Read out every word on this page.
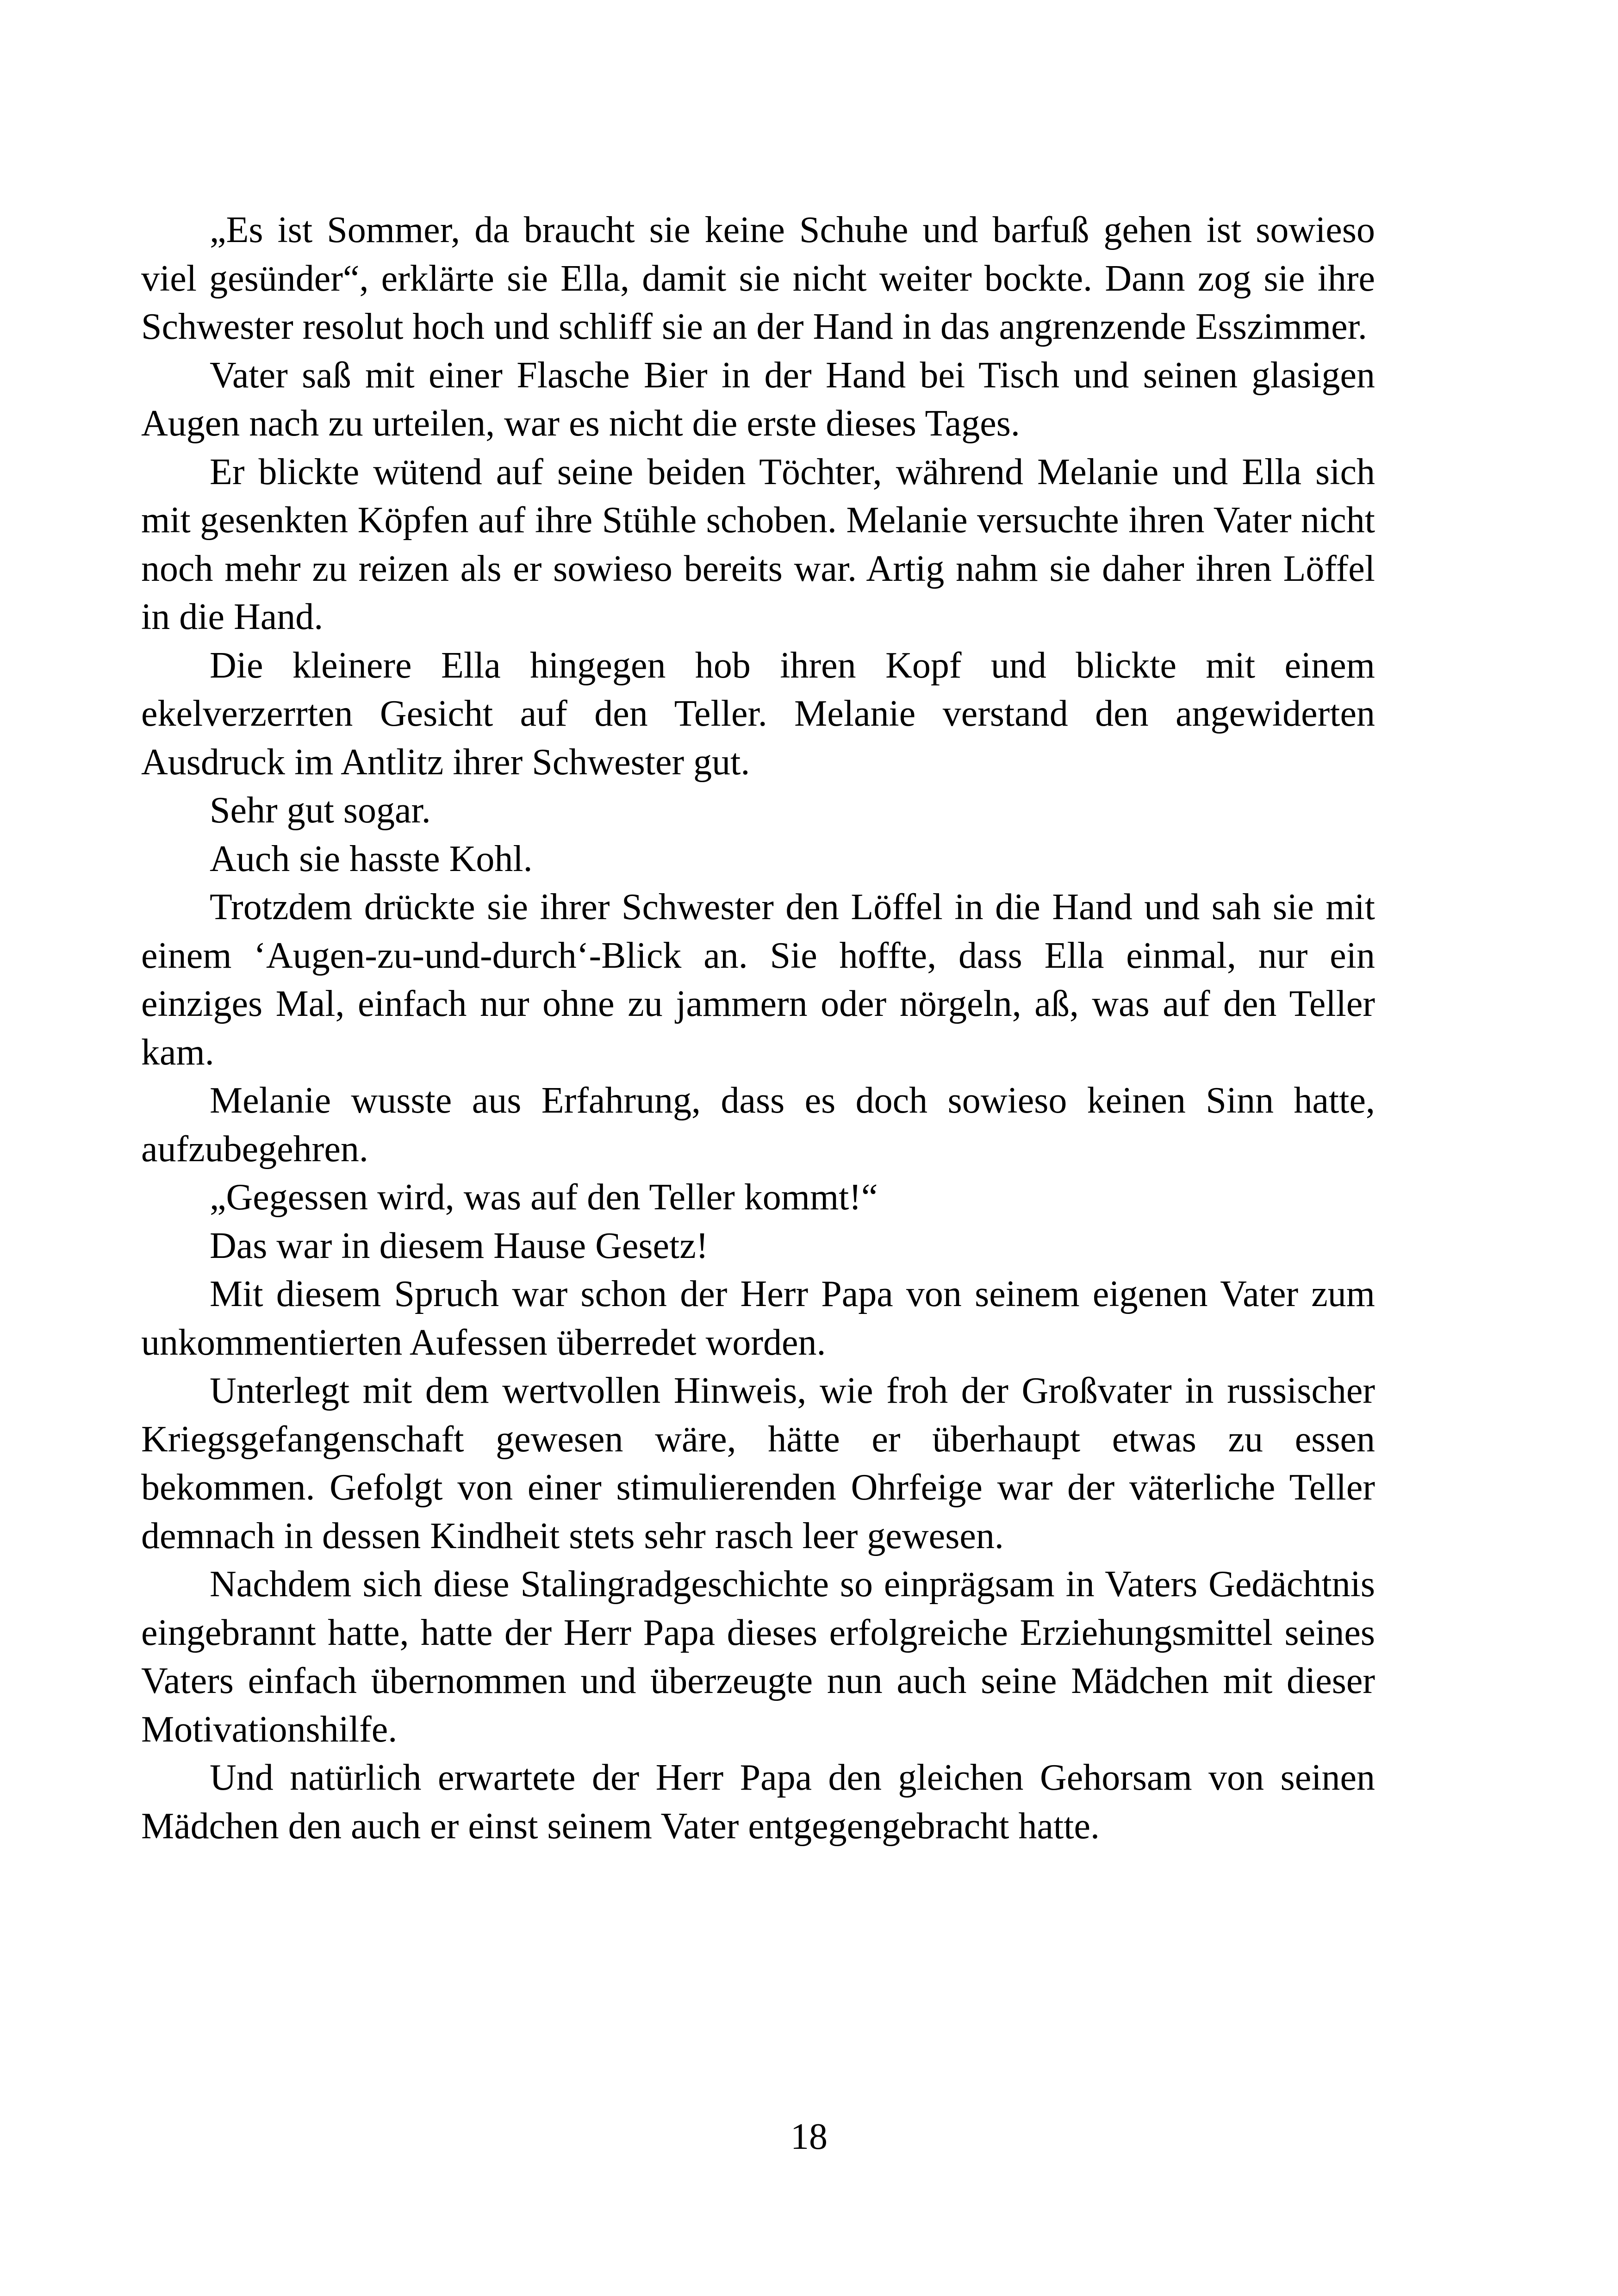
„Es ist Sommer, da braucht sie keine Schuhe und barfuß gehen ist sowieso viel gesünder“, erklärte sie Ella, damit sie nicht weiter bockte. Dann zog sie ihre Schwester resolut hoch und schliff sie an der Hand in das angrenzende Esszimmer.

Vater saß mit einer Flasche Bier in der Hand bei Tisch und seinen glasigen Augen nach zu urteilen, war es nicht die erste dieses Tages.

Er blickte wütend auf seine beiden Töchter, während Melanie und Ella sich mit gesenkten Köpfen auf ihre Stühle schoben. Melanie versuchte ihren Vater nicht noch mehr zu reizen als er sowieso bereits war. Artig nahm sie daher ihren Löffel in die Hand.

Die kleinere Ella hingegen hob ihren Kopf und blickte mit einem ekelverzerrten Gesicht auf den Teller. Melanie verstand den angewiderten Ausdruck im Antlitz ihrer Schwester gut.

Sehr gut sogar.

Auch sie hasste Kohl.

Trotzdem drückte sie ihrer Schwester den Löffel in die Hand und sah sie mit einem ‘Augen-zu-und-durch‘-Blick an. Sie hoffte, dass Ella einmal, nur ein einziges Mal, einfach nur ohne zu jammern oder nörgeln, aß, was auf den Teller kam.

Melanie wusste aus Erfahrung, dass es doch sowieso keinen Sinn hatte, aufzubegehren.

„Gegessen wird, was auf den Teller kommt!“

Das war in diesem Hause Gesetz!

Mit diesem Spruch war schon der Herr Papa von seinem eigenen Vater zum unkommentierten Aufessen überredet worden.

Unterlegt mit dem wertvollen Hinweis, wie froh der Großvater in russischer Kriegsgefangenschaft gewesen wäre, hätte er überhaupt etwas zu essen bekommen. Gefolgt von einer stimulierenden Ohrfeige war der väterliche Teller demnach in dessen Kindheit stets sehr rasch leer gewesen.

Nachdem sich diese Stalingradgeschichte so einprägsam in Vaters Gedächtnis eingebrannt hatte, hatte der Herr Papa dieses erfolgreiche Erziehungsmittel seines Vaters einfach übernommen und überzeugte nun auch seine Mädchen mit dieser Motivationshilfe.

Und natürlich erwartete der Herr Papa den gleichen Gehorsam von seinen Mädchen den auch er einst seinem Vater entgegengebracht hatte.

18
